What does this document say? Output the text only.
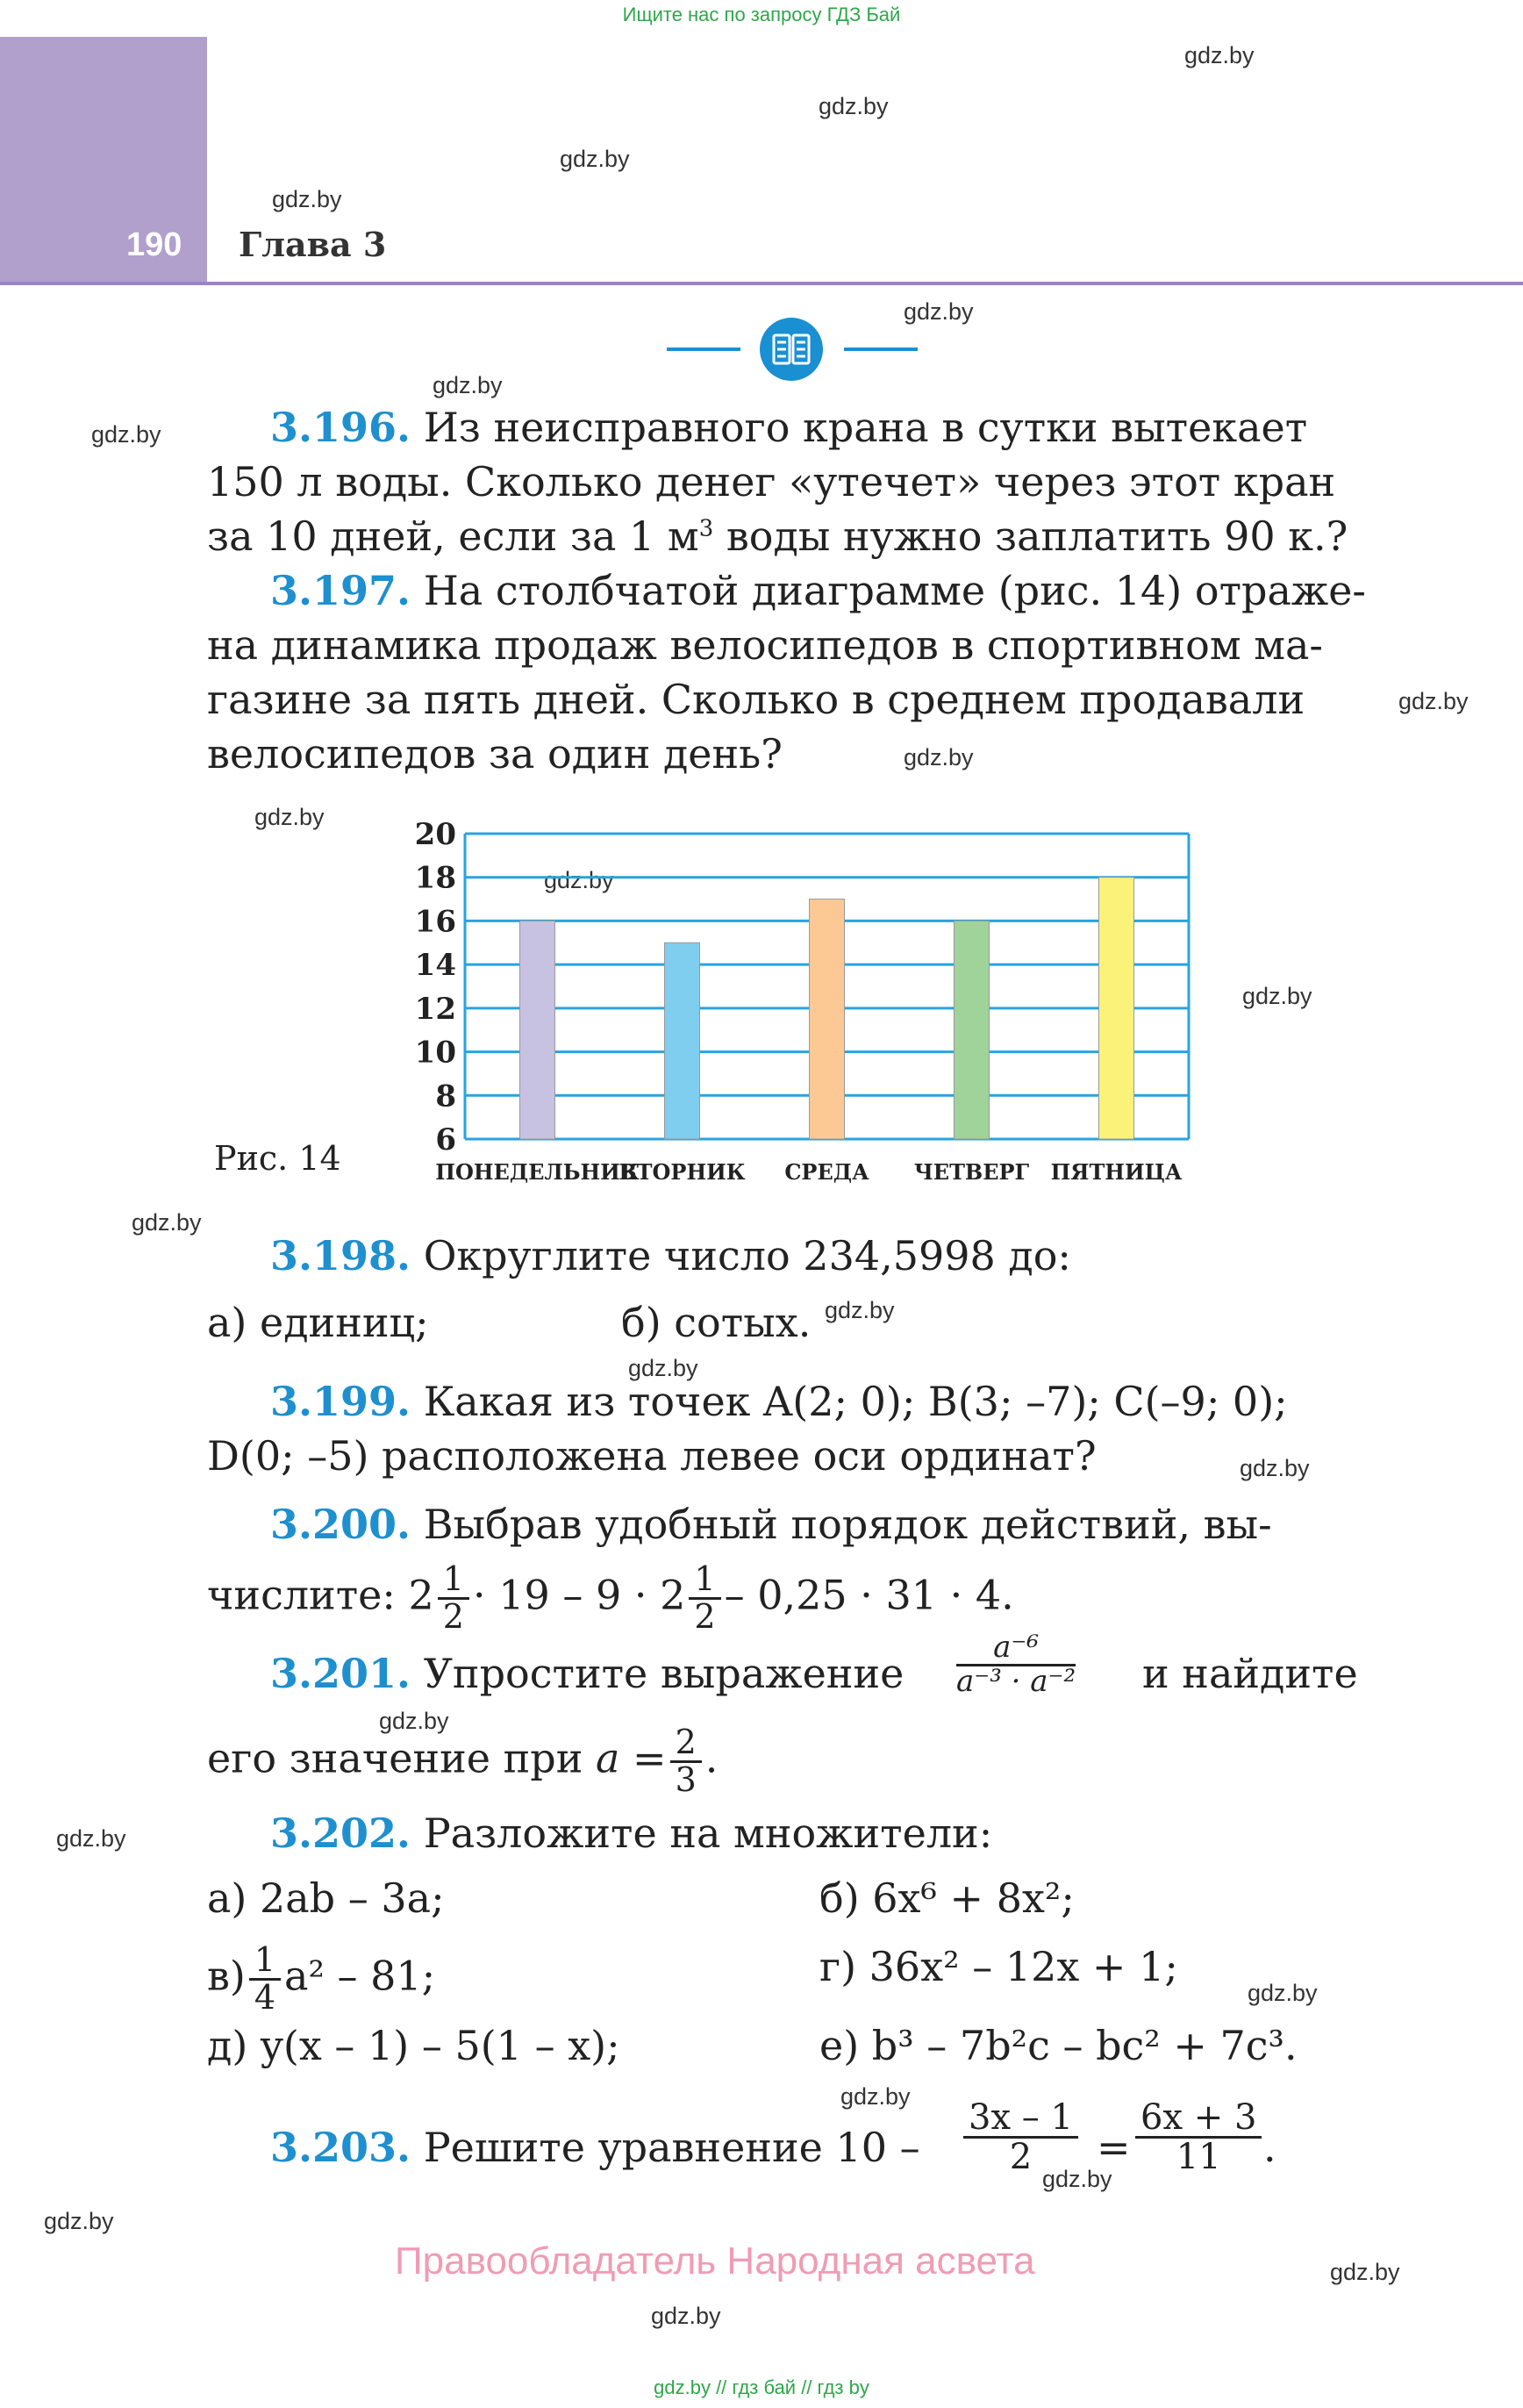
Ищите нас по запросу ГДЗ Бай
190 Глава 3
gdz.by
gdz.by
gdz.by
gdz.by
gdz.by
gdz.by
gdz.by
gdz.by
gdz.by
gdz.by
gdz.by
gdz.by
gdz.by
gdz.by
gdz.by
gdz.by
gdz.by
gdz.by
gdz.by
gdz.by
gdz.by
gdz.by
gdz.by
gdz.by
3.196. Из неисправного крана в сутки вытекает
150 л воды. Сколько денег «утечет» через этот кран
за 10 дней, если за 1 $м^3$ воды нужно заплатить 90 к.?
3.197. На столбчатой диаграмме (рис. 14) отраже-
на динамика продаж велосипедов в спортивном ма-
газине за пять дней. Сколько в среднем продавали
велосипедов за один день?
20
18
16
14
12
10
8
6
ПОНЕДЕЛЬНИК
ВТОРНИК СРЕДА ЧЕТВЕРГ ПЯТНИЦА
Рис. 14
3.198. Округлите число 234,5998 до:
а) единиц;	б) сотых.
3.199. Какая из точек A(2; 0); B(3; –7); C(–9; 0);
D(0; –5) расположена левее оси ординат?
3.200. Выбрав удобный порядок действий, вы-
числите: $2 \frac{1}{2} \cdot 19 - 9 \cdot 2 \frac{1}{2} - 0,25 \cdot 31 \cdot 4$.
3.201. Упростите выражение $\frac{\text{a⁻⁶}}{\text{a⁻³ · a⁻²}}$ и найдите
его значение при $a = \frac{2}{3}$ .
3.202. Разложите на множители:
а) 2ab – 3a;	б) 6x⁶ + 8x²;
$в) \frac{1}{4} a^2 - 81$;	г) 36x² – 12x + 1;
д) y(x – 1) – 5(1 – x);	е) b³ – 7b²c – bc² + 7c³.
3.203. Решите уравнение $10 - \frac{3x - 1}{2} = \frac{6x + 3}{11}$ .
Правообладатель Народная асвета
gdz.by // гдз бай // гдз by
